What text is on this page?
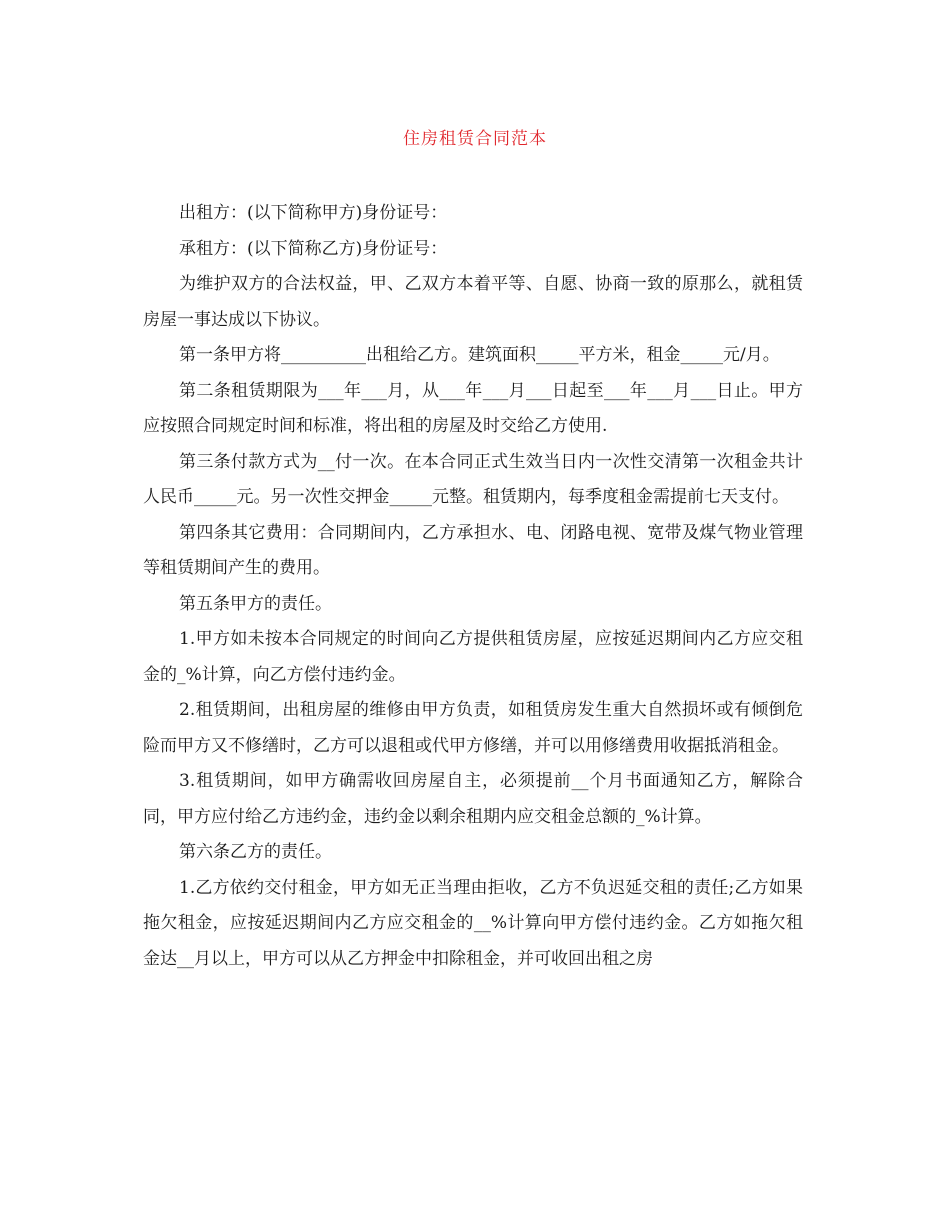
住房租赁合同范本

出租方：(以下简称甲方)身份证号：

承租方：(以下简称乙方)身份证号：

为维护双方的合法权益，甲、乙双方本着平等、自愿、协商一致的原那么，就租赁房屋一事达成以下协议。

第一条甲方将__________出租给乙方。建筑面积_____平方米，租金_____元/月。

第二条租赁期限为___年___月，从___年___月___日起至___年___月___日止。甲方应按照合同规定时间和标准，将出租的房屋及时交给乙方使用.

第三条付款方式为__付一次。在本合同正式生效当日内一次性交清第一次租金共计人民币_____元。另一次性交押金_____元整。租赁期内，每季度租金需提前七天支付。

第四条其它费用：合同期间内，乙方承担水、电、闭路电视、宽带及煤气物业管理等租赁期间产生的费用。

第五条甲方的责任。

1.甲方如未按本合同规定的时间向乙方提供租赁房屋，应按延迟期间内乙方应交租金的_%计算，向乙方偿付违约金。

2.租赁期间，出租房屋的维修由甲方负责，如租赁房发生重大自然损坏或有倾倒危险而甲方又不修缮时，乙方可以退租或代甲方修缮，并可以用修缮费用收据抵消租金。

3.租赁期间，如甲方确需收回房屋自主，必须提前__个月书面通知乙方，解除合同，甲方应付给乙方违约金，违约金以剩余租期内应交租金总额的_%计算。

第六条乙方的责任。

1.乙方依约交付租金，甲方如无正当理由拒收，乙方不负迟延交租的责任;乙方如果拖欠租金，应按延迟期间内乙方应交租金的__%计算向甲方偿付违约金。乙方如拖欠租金达__月以上，甲方可以从乙方押金中扣除租金，并可收回出租之房
